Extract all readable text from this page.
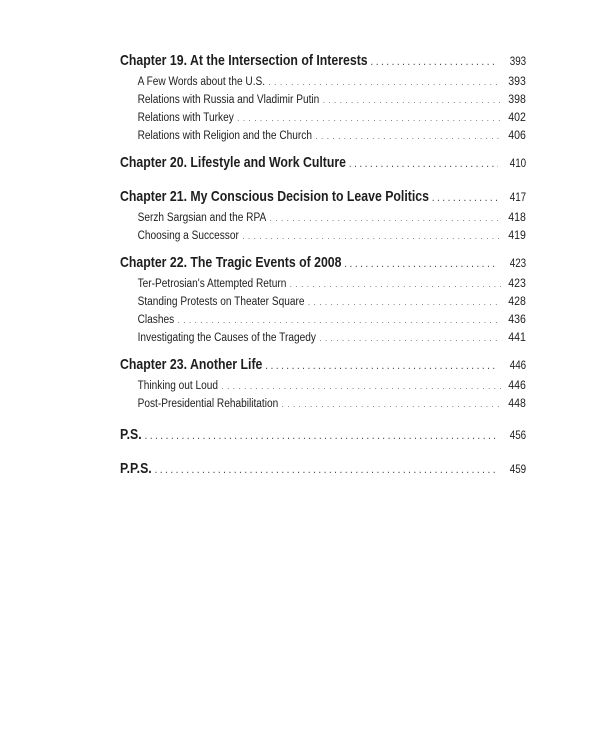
Chapter 19. At the Intersection of Interests . . .	393
A Few Words about the U.S. . . .	393
Relations with Russia and Vladimir Putin . . .	398
Relations with Turkey . . .	402
Relations with Religion and the Church . . .	406
Chapter 20. Lifestyle and Work Culture . . .	410
Chapter 21. My Conscious Decision to Leave Politics . . .	417
Serzh Sargsian and the RPA . . .	418
Choosing a Successor . . .	419
Chapter 22. The Tragic Events of 2008 . . .	423
Ter-Petrosian's Attempted Return . . .	423
Standing Protests on Theater Square . . .	428
Clashes . . .	436
Investigating the Causes of the Tragedy . . .	441
Chapter 23. Another Life . . .	446
Thinking out Loud . . .	446
Post-Presidential Rehabilitation . . .	448
P.S. . . .	456
P.P.S. . . .	459
